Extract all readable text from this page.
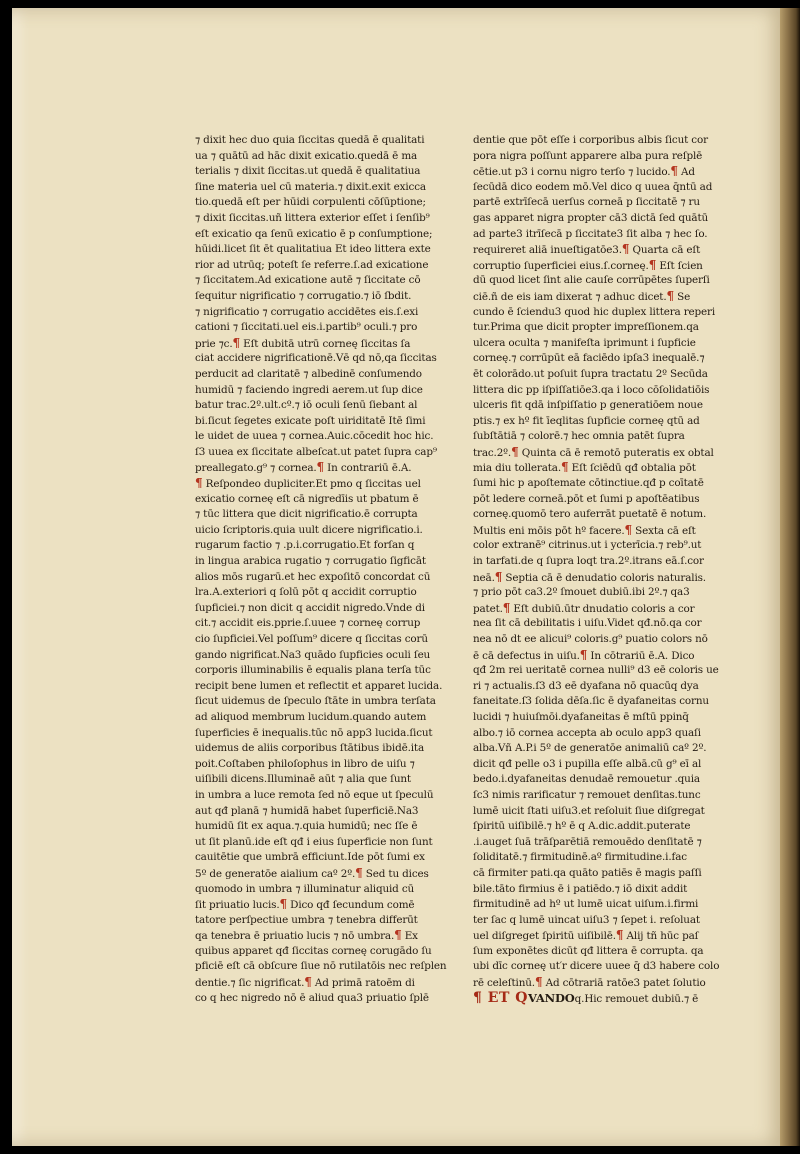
⁊ dixit hec duo quia ſiccitas quedā ē qualitati
ua ⁊ quātū ad hāc dixit exicatio.quedā ē ma
terialis ⁊ dixit ſiccitas.ut quedā ē qualitatiua
ſine materia uel cū materia.⁊ dixit.exit exicca
tio.quedā eſt per hūidi corpulenti cōſūptione;
⁊ dixit ſiccitas.uñ littera exterior eſſet i ſenſib⁹
eſt exicatio qa ſenū exicatio ē p conſumptione;
hūidi.licet ſit ēt qualitatiua Et ideo littera exte
rior ad utrūq; poteſt ſe referre.ſ.ad exicatione
⁊ ſiccitatem.Ad exicatione autē ⁊ ſiccitate cō
ſequitur nigrificatio ⁊ corrugatio.⁊ iō ſbdit.
⁊ nigrificatio ⁊ corrugatio accidētes eis.ſ.exi
cationi ⁊ ſiccitati.uel eis.i.partib⁹ oculi.⁊ pro
prie ⁊c.¶ Eſt dubitā utrū corneę ſiccitas ſa
ciat accidere nigrificationē.Vē qd nō,qa ſiccitas
perducit ad claritatē ⁊ albedinē conſumendo
humidū ⁊ faciendo ingredi aerem.ut ſup dice
batur trac.2º.ult.cº.⁊ iō oculi ſenū ſiebant al
bi.ſicut ſegetes exicate poſt uiriditatē Itē ſimi
le uidet de uuea ⁊ cornea.Auic.cōcedit hoc hic.
ſ3 uuea ex ſiccitate albeſcat.ut patet ſupra cap⁹
preallegato.g⁹ ⁊ cornea.¶ In contrariū ē.A.
¶ Reſpondeo dupliciter.Et pmo q ſiccitas uel
exicatio corneę eſt cā nigredīis ut pbatum ē
⁊ tūc littera que dicit nigrificatio.ē corrupta
uicio ſcriptoris.quia uult dicere nigrificatio.i.
rugarum factio ⁊ .p.i.corrugatio.Et forſan q
in lingua arabica rugatio ⁊ corrugatio ſigficāt
alios mōs rugarū.et hec expoſitō concordat cū
lra.A.exteriori q ſolū pōt q accidit corruptio
ſupficiei.⁊ non dicit q accidit nigredo.Vnde di
cit.⁊ accidit eis.pprie.ſ.uuee ⁊ corneę corrup
cio ſupficiei.Vel poſſum⁹ dicere q ſiccitas corū
gando nigrificat.Na3 quādo ſupficies oculi ſeu
corporis illuminabilis ē equalis plana terſa tūc
recipit bene lumen et reflectit et apparet lucida.
ſicut uidemus de ſpeculo ſtāte in umbra terſata
ad aliquod membrum lucidum.quando autem
ſuperficies ē inequalis.tūc nō app3 lucida.ſicut
uidemus de aliis corporibus ſtātibus ibidē.ita
poit.Coſtaben philoſophus in libro de uiſu ⁊
uiſibili dicens.Illuminaē aūt ⁊ alia que ſunt
in umbra a luce remota ſed nō eque ut ſpeculū
aut qđ planā ⁊ humidā habet ſuperficiē.Na3
humidū ſit ex aqua.⁊.quia humidū; nec ſſe ē
ut ſit planū.ide eſt qđ i eius ſuperficie non ſunt
cauitētie que umbrā efficiunt.Ide pōt ſumi ex
5º de generatōe aialium caº 2º.¶ Sed tu dices
quomodo in umbra ⁊ illuminatur aliquid cū
ſit priuatio lucis.¶ Dico qđ ſecundum comē
tatore perſpectiue umbra ⁊ tenebra differūt
qa tenebra ē priuatio lucis ⁊ nō umbra.¶ Ex
quibus apparet qđ ſiccitas corneę corugādo ſu
pficiē eſt cā obſcure ſiue nō rutilatōis nec reſplen
dentie.⁊ ſic nigrificat.¶ Ad primā ratoēm di
co q hec nigredo nō ē aliud qua3 priuatio ſplē
dentie que pōt eſſe i corporibus albis ſicut cor
pora nigra poſſunt apparere alba pura reſplē
cētie.ut p3 i cornu nigro terſo ⁊ lucido.¶ Ad
ſecūdā dico eodem mō.Vel dico q uuea q̄ntū ad
partē extrīſecā uerſus corneā p ſiccitatē ⁊ ru
gas apparet nigra propter cā3 dictā ſed quātū
ad parte3 itrīſecā p ſiccitate3 ſit alba ⁊ hec ſo.
requireret aliā inueſtigatōe3.¶ Quarta cā eſt
corruptio ſuperficiei eius.ſ.corneę.¶ Eſt ſcien
dū quod licet ſint alie cauſe corrūpētes ſuperſi
ciē.ñ de eis iam dixerat ⁊ adhuc dicet.¶ Se
cundo ē ſciendu3 quod hic duplex littera reperi
tur.Prima que dicit propter impreſſionem.qa
ulcera oculta ⁊ manifeſta iprimunt i ſupficie
corneę.⁊ corrūpūt eā faciēdo ipſa3 inequalē.⁊
ēt colorādo.ut poſuit ſupra tractatu 2º Secūda
littera dic pp iſpiſſatiōe3.qa i loco cōſolidatiōis
ulceris fit qdā inſpiſſatio p generatiōem noue
ptis.⁊ ex hº fit īeqlitas ſupficie corneę qtū ad
ſubſtātiā ⁊ colorē.⁊ hec omnia patēt ſupra
trac.2º.¶ Quinta cā ē remotō puteratis ex obtal
mia diu tollerata.¶ Eſt ſciēdū qđ obtalia pōt
ſumi hic p apoſtemate cōtinctiue.qđ p coītatē
pōt ledere corneā.pōt et ſumi p apoſtēatibus
corneę.quomō tero auferrāt puetatē ē notum.
Multis eni mōis pōt hº facere.¶ Sexta cā eſt
color extranē⁹ citrinus.ut i ycterīcia.⁊ reb⁹.ut
in tarfati.de q ſupra loqt tra.2º.itrans eā.ſ.cor
neā.¶ Septia cā ē denudatio coloris naturalis.
⁊ prio pōt ca3.2º ſmouet dubiū.ibi 2º.⁊ qa3
patet.¶ Eſt dubiū.ūtr dnudatio coloris a cor
nea ſit cā debilitatis i uiſu.Videt qđ.nō.qa cor
nea nō dt ee alicui⁹ coloris.g⁹ puatio colors nō
ē cā defectus in uiſu.¶ In cōtrariū ē.A. Dico
qđ 2m rei ueritatē cornea nulli⁹ d3 eē coloris ue
ri ⁊ actualis.ſ3 d3 eē dyafana nō quacūq dya
faneitate.ſ3 ſolida dēſa.ſic ē dyafaneitas cornu
lucidi ⁊ huiuſmōi.dyafaneitas ē mſtū ppinq̄
albo.⁊ iō cornea accepta ab oculo app3 quaſi
alba.Vñ A.P.i 5º de generatōe animaliū caº 2º.
dicit qđ pelle o3 i pupilla eſſe albā.cū g⁹ eī al
bedo.i.dyafaneitas denudaē remouetur .quia
ſc3 nimis rarificatur ⁊ remouet denſitas.tunc
lumē uicit ſtati uiſu3.et reſoluit ſiue diſgregat
ſpiritū uiſibilē.⁊ hº ē q A.dic.addit.puterate
.i.auget ſuā trāſparētiā remouēdo denſitatē ⁊
ſoliditatē.⁊ firmitudinē.aº firmitudine.i.fac
cā firmiter pati.qa quāto patiēs ē magis paſſi
bile.tāto firmius ē i patiēdo.⁊ iō dixit addit
firmitudinē ad hº ut lumē uicat uiſum.i.firmi
ter ſac q lumē uincat uiſu3 ⁊ ſepet i. reſoluat
uel diſgreget ſpiritū uiſibilē.¶ Alij tñ hūc paſ
ſum exponētes dicūt qđ littera ē corrupta. qa
ubi dīc corneę ut′r dicere uuee q̄ d3 habere colo
rē celeſtinū.¶ Ad cōtrariā ratōe3 patet ſolutio
¶ ET QVANDOq.Hic remouet dubiū.⁊ ē
